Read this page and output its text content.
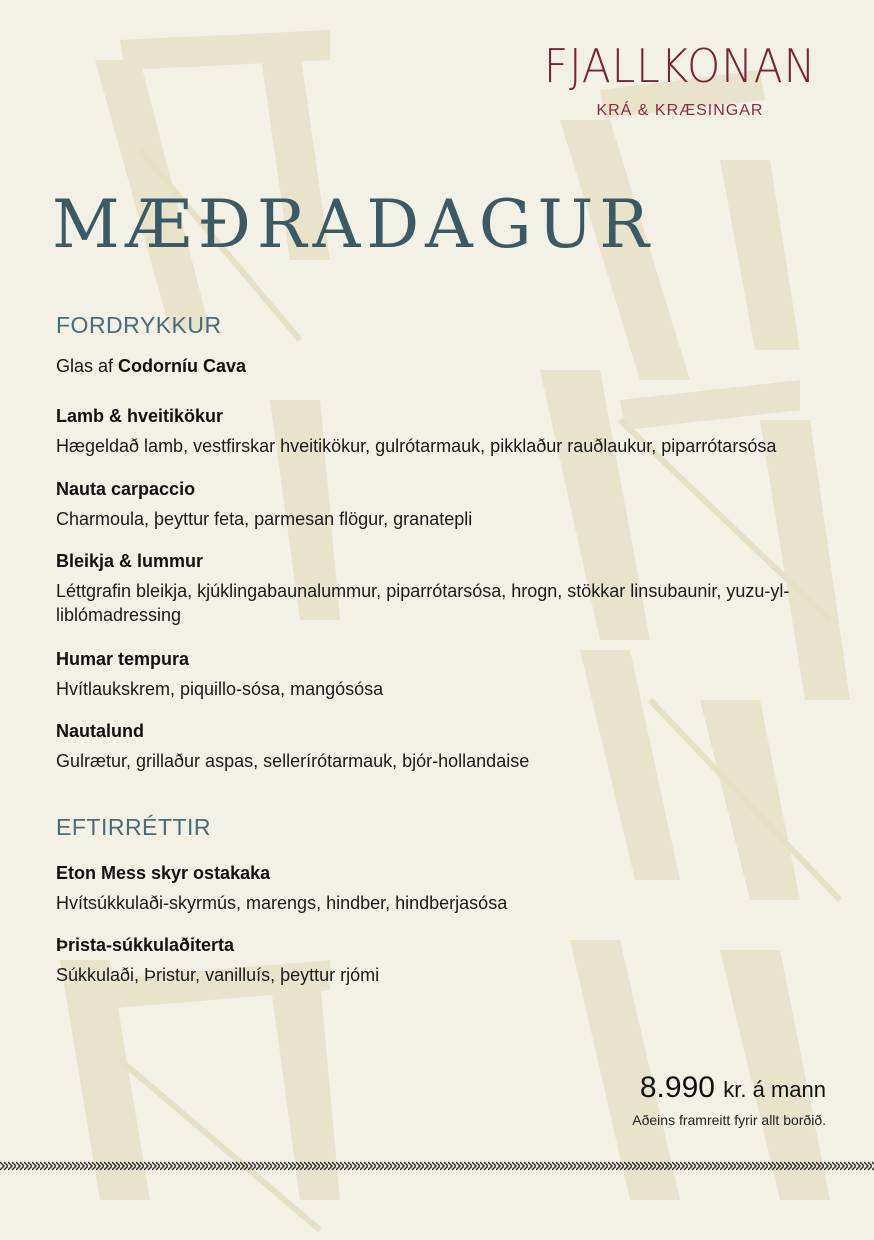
FJALLKONAN
KRÁ & KRÆSINGAR
MÆÐRADAGUR
FORDRYKKUR

Glas af Codorníu Cava

Lamb & hveitikökur

Hægeldað lamb, vestfirskar hveitikökur, gulrótarmauk, pikklaður rauðlaukur, piparrótarsósa

Nauta carpaccio

Charmoula, þeyttur feta, parmesan flögur, granatepli

Bleikja & lummur

Léttgrafin bleikja, kjúklingabaunalummur, piparrótarsósa, hrogn, stökkar linsubaunir, yuzu-yl-liblómadressing

Humar tempura

Hvítlaukskrem, piquillo-sósa, mangósósa

Nautalund

Gulrætur, grillaður aspas, sellerírótarmauk, bjór-hollandaise

EFTIRRÉTTIR

Eton Mess skyr ostakaka

Hvítsúkkulaði-skyrmús, marengs, hindber, hindberjasósa

Þrista-súkkulaðiterta

Súkkulaði, Þristur, vanilluís, þeyttur rjómi

8.990 kr. á mann
Aðeins framreitt fyrir allt borðið.
